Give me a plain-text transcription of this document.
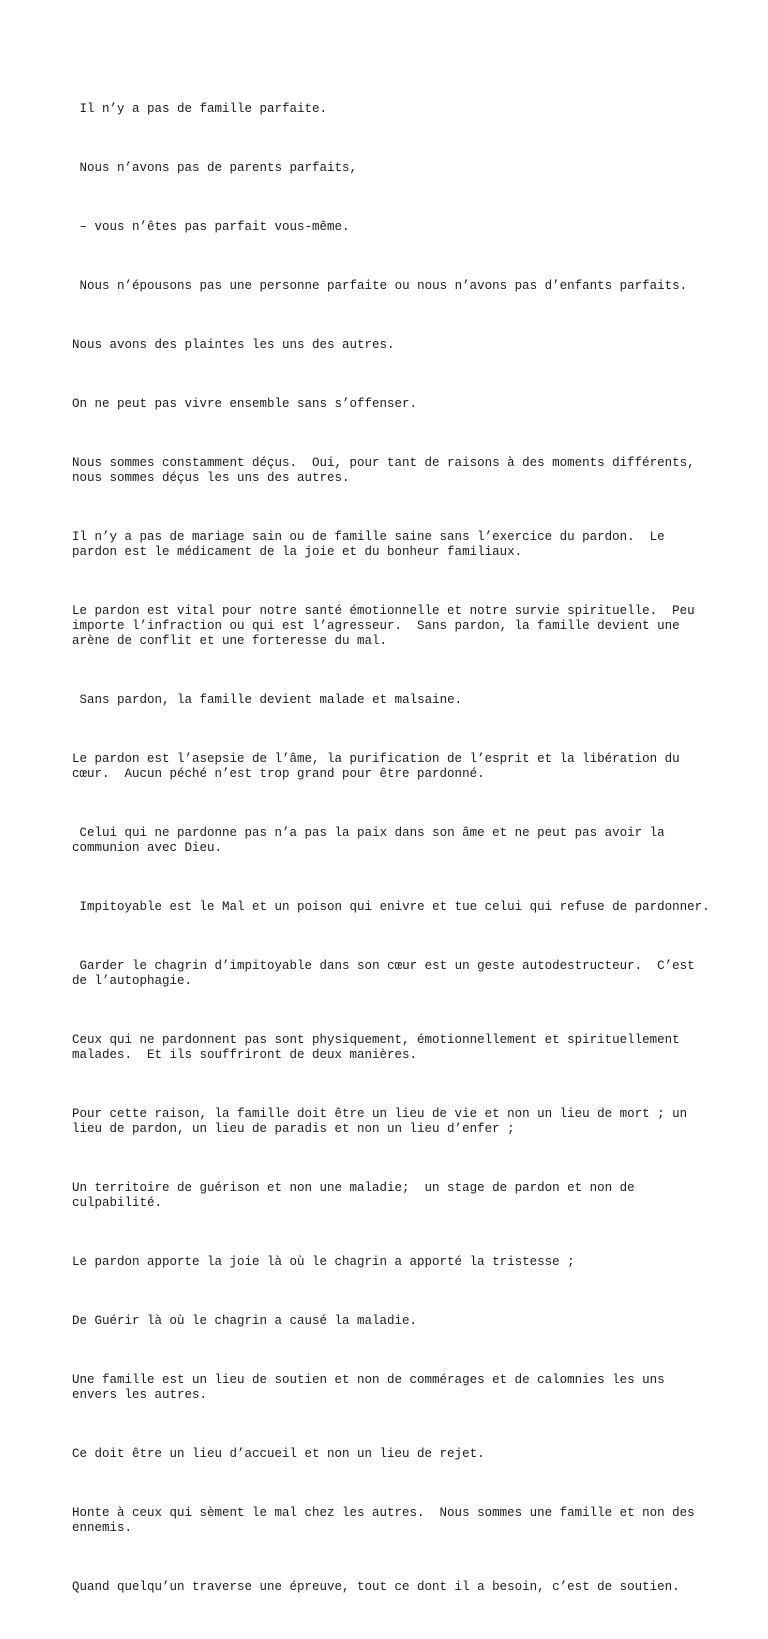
Il n’y a pas de famille parfaite.

Nous n’avons pas de parents parfaits,

– vous n’êtes pas parfait vous-même.

Nous n’épousons pas une personne parfaite ou nous n’avons pas d’enfants parfaits.

Nous avons des plaintes les uns des autres.

On ne peut pas vivre ensemble sans s’offenser.

Nous sommes constamment déçus.  Oui, pour tant de raisons à des moments différents, nous sommes déçus les uns des autres.

Il n’y a pas de mariage sain ou de famille saine sans l’exercice du pardon.  Le pardon est le médicament de la joie et du bonheur familiaux.

Le pardon est vital pour notre santé émotionnelle et notre survie spirituelle.  Peu importe l’infraction ou qui est l’agresseur.  Sans pardon, la famille devient une arène de conflit et une forteresse du mal.

Sans pardon, la famille devient malade et malsaine.

Le pardon est l’asepsie de l’âme, la purification de l’esprit et la libération du cœur.  Aucun péché n’est trop grand pour être pardonné.

Celui qui ne pardonne pas n’a pas la paix dans son âme et ne peut pas avoir la communion avec Dieu.

Impitoyable est le Mal et un poison qui enivre et tue celui qui refuse de pardonner.

Garder le chagrin d’impitoyable dans son cœur est un geste autodestructeur.  C’est de l’autophagie.

Ceux qui ne pardonnent pas sont physiquement, émotionnellement et spirituellement malades.  Et ils souffriront de deux manières.

Pour cette raison, la famille doit être un lieu de vie et non un lieu de mort ; un lieu de pardon, un lieu de paradis et non un lieu d’enfer ;

Un territoire de guérison et non une maladie;  un stage de pardon et non de culpabilité.

Le pardon apporte la joie là où le chagrin a apporté la tristesse ;

De Guérir là où le chagrin a causé la maladie.

Une famille est un lieu de soutien et non de commérages et de calomnies les uns envers les autres.

Ce doit être un lieu d’accueil et non un lieu de rejet.

Honte à ceux qui sèment le mal chez les autres.  Nous sommes une famille et non des ennemis.

Quand quelqu’un traverse une épreuve, tout ce dont il a besoin, c’est de soutien.
